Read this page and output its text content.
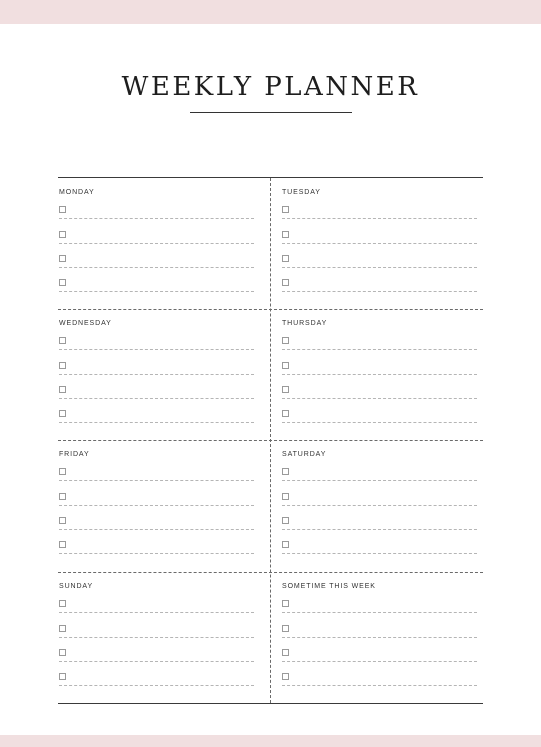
WEEKLY PLANNER
MONDAY	TUESDAY
WEDNESDAY	THURSDAY
FRIDAY	SATURDAY
SUNDAY	SOMETIME THIS WEEK
